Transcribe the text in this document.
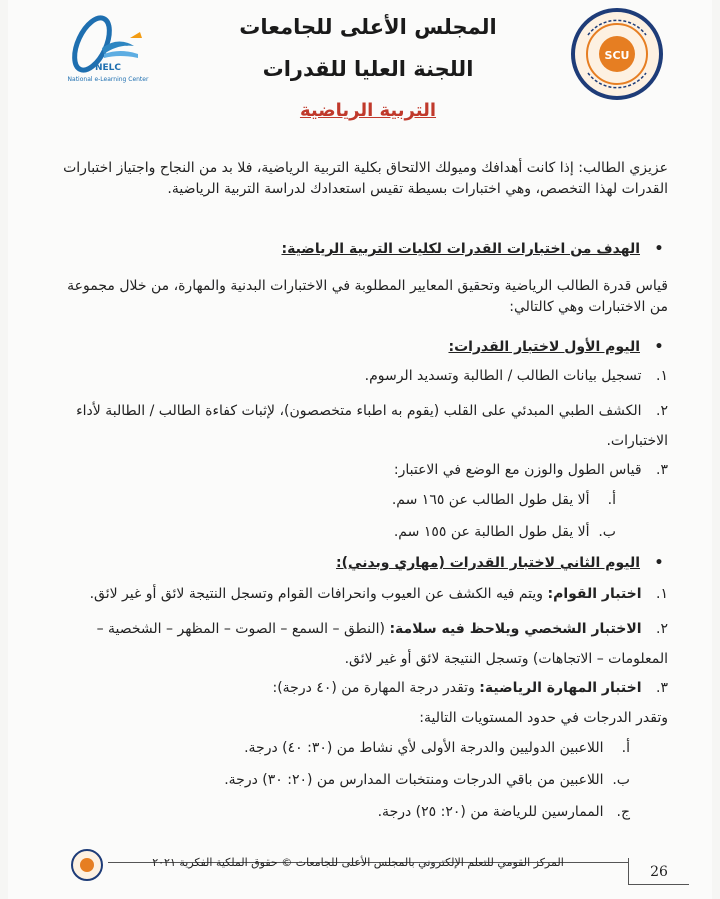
NELC
National e-Learning Center
المجلس الأعلى للجامعات
اللجنة العليا للقدرات
SCU
التربية الرياضية
عزيزي الطالب: إذا كانت أهدافك وميولك الالتحاق بكلية التربية الرياضية، فلا بد من النجاح واجتياز اختبارات القدرات لهذا التخصص، وهي اختبارات بسيطة تقيس استعدادك لدراسة التربية الرياضية.
•الهدف من اختبارات القدرات لكليات التربية الرياضية:
قياس قدرة الطالب الرياضية وتحقيق المعايير المطلوبة في الاختبارات البدنية والمهارة، من خلال مجموعة من الاختبارات وهي كالتالي:
•اليوم الأول لاختبار القدرات:
١. تسجيل بيانات الطالب / الطالبة وتسديد الرسوم.
٢. الكشف الطبي المبدئي على القلب (يقوم به اطباء متخصصون)، لإثبات كفاءة الطالب / الطالبة لأداء الاختبارات.
٣. قياس الطول والوزن مع الوضع في الاعتبار:
أ. ألا يقل طول الطالب عن ١٦٥ سم.
ب. ألا يقل طول الطالبة عن ١٥٥ سم.
•اليوم الثاني لاختبار القدرات (مهاري وبدني):
١. اختبار القوام: ويتم فيه الكشف عن العيوب وانحرافات القوام وتسجل النتيجة لائق أو غير لائق.
٢. الاختبار الشخصي ويلاحظ فيه سلامة: (النطق – السمع – الصوت – المظهر – الشخصية – المعلومات – الاتجاهات) وتسجل النتيجة لائق أو غير لائق.
٣. اختبار المهارة الرياضية: وتقدر درجة المهارة من (٤٠ درجة):
وتقدر الدرجات في حدود المستويات التالية:
أ. اللاعبين الدوليين والدرجة الأولى لأي نشاط من (٣٠: ٤٠) درجة.
ب. اللاعبين من باقي الدرجات ومنتخبات المدارس من (٢٠: ٣٠) درجة.
ج. الممارسين للرياضة من (٢٠: ٢٥) درجة.
المركز القومي للتعلم الإلكتروني بالمجلس الأعلى للجامعات © حقوق الملكية الفكرية ٢٠٢١
26
